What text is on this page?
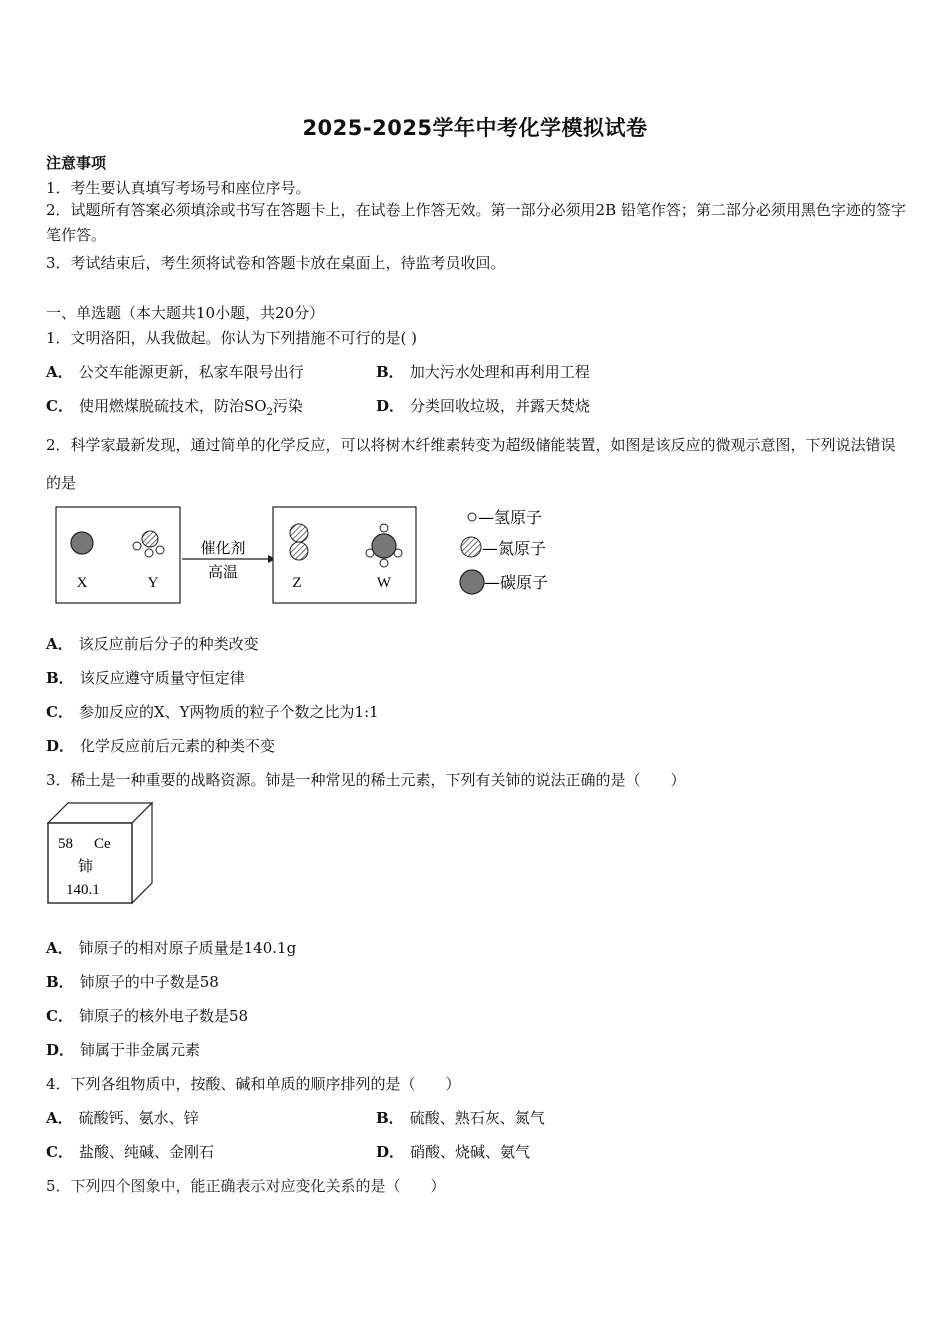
2025-2025学年中考化学模拟试卷
注意事项
1．考生要认真填写考场号和座位序号。
2．试题所有答案必须填涂或书写在答题卡上，在试卷上作答无效。第一部分必须用2B 铅笔作答；第二部分必须用黑色字迹的签字笔作答。
3．考试结束后，考生须将试卷和答题卡放在桌面上，待监考员收回。
一、单选题（本大题共10小题，共20分）
1．文明洛阳，从我做起。你认为下列措施不可行的是( )
A． 公交车能源更新，私家车限号出行	B． 加大污水处理和再利用工程
C． 使用燃煤脱硫技术，防治$SO_2$污染	D． 分类回收垃圾，并露天焚烧
2．科学家最新发现，通过简单的化学反应，可以将树木纤维素转变为超级储能装置，如图是该反应的微观示意图，下列说法错误的是
X	Y
催化剂
高温
Z	W
—氢原子
—氮原子
—碳原子
A． 该反应前后分子的种类改变
B． 该反应遵守质量守恒定律
C． 参加反应的X、Y两物质的粒子个数之比为1:1
D． 化学反应前后元素的种类不变
3．稀土是一种重要的战略资源。铈是一种常见的稀土元素，下列有关铈的说法正确的是（　　）
58 Ce
铈
140.1
A． 铈原子的相对原子质量是140.1g
B． 铈原子的中子数是58
C． 铈原子的核外电子数是58
D． 铈属于非金属元素
4．下列各组物质中，按酸、碱和单质的顺序排列的是（　　）
A． 硫酸钙、氨水、锌	B． 硫酸、熟石灰、氮气
C． 盐酸、纯碱、金刚石	D． 硝酸、烧碱、氨气
5．下列四个图象中，能正确表示对应变化关系的是（　　）
